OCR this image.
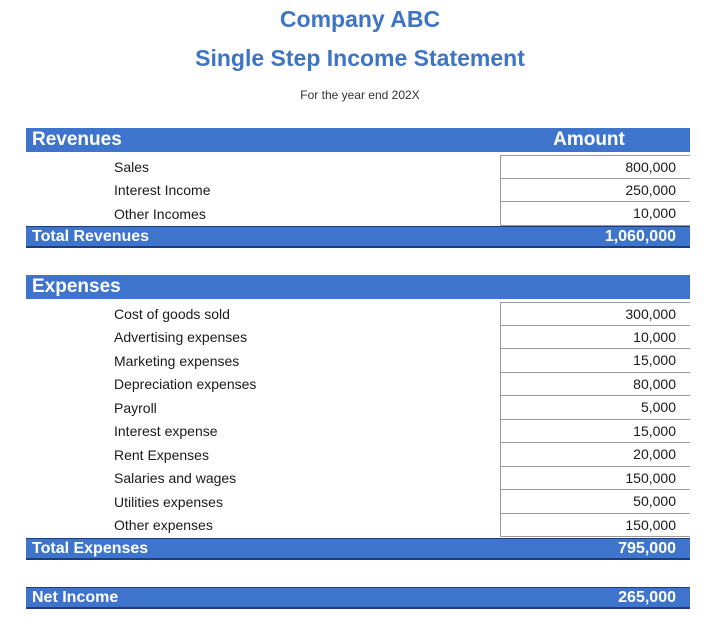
Company ABC
Single Step Income Statement
For the year end 202X
Revenues	Amount
Sales	800,000
Interest Income	250,000
Other Incomes	10,000
Total Revenues	1,060,000
Expenses
Cost of goods sold	300,000
Advertising expenses	10,000
Marketing expenses	15,000
Depreciation expenses	80,000
Payroll	5,000
Interest expense	15,000
Rent Expenses	20,000
Salaries and wages	150,000
Utilities expenses	50,000
Other expenses	150,000
Total Expenses	795,000
Net Income	265,000
